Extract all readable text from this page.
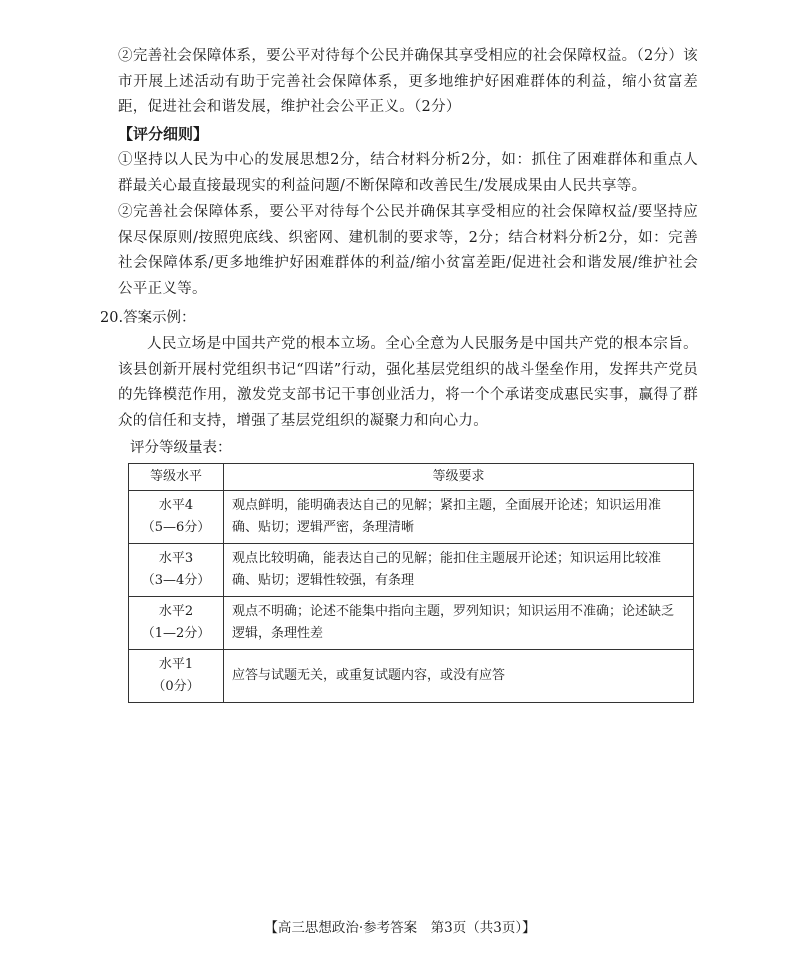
②完善社会保障体系，要公平对待每个公民并确保其享受相应的社会保障权益。（2分）该市开展上述活动有助于完善社会保障体系，更多地维护好困难群体的利益，缩小贫富差距，促进社会和谐发展，维护社会公平正义。（2分）
【评分细则】
①坚持以人民为中心的发展思想2分，结合材料分析2分，如：抓住了困难群体和重点人群最关心最直接最现实的利益问题/不断保障和改善民生/发展成果由人民共享等。
②完善社会保障体系，要公平对待每个公民并确保其享受相应的社会保障权益/要坚持应保尽保原则/按照兜底线、织密网、建机制的要求等，2分；结合材料分析2分，如：完善社会保障体系/更多地维护好困难群体的利益/缩小贫富差距/促进社会和谐发展/维护社会公平正义等。
20.答案示例：
人民立场是中国共产党的根本立场。全心全意为人民服务是中国共产党的根本宗旨。该县创新开展村党组织书记“四诺”行动，强化基层党组织的战斗堡垒作用，发挥共产党员的先锋模范作用，激发党支部书记干事创业活力，将一个个承诺变成惠民实事，赢得了群众的信任和支持，增强了基层党组织的凝聚力和向心力。
评分等级量表：
等级水平	等级要求

水平4
（5—6分）	观点鲜明，能明确表达自己的见解；紧扣主题，全面展开论述；知识运用准确、贴切；逻辑严密，条理清晰

水平3
（3—4分）	观点比较明确，能表达自己的见解；能扣住主题展开论述；知识运用比较准确、贴切；逻辑性较强，有条理

水平2
（1—2分）	观点不明确；论述不能集中指向主题，罗列知识；知识运用不准确；论述缺乏逻辑，条理性差

水平1
（0分）	应答与试题无关，或重复试题内容，或没有应答
【高三思想政治·参考答案　第3页（共3页）】
